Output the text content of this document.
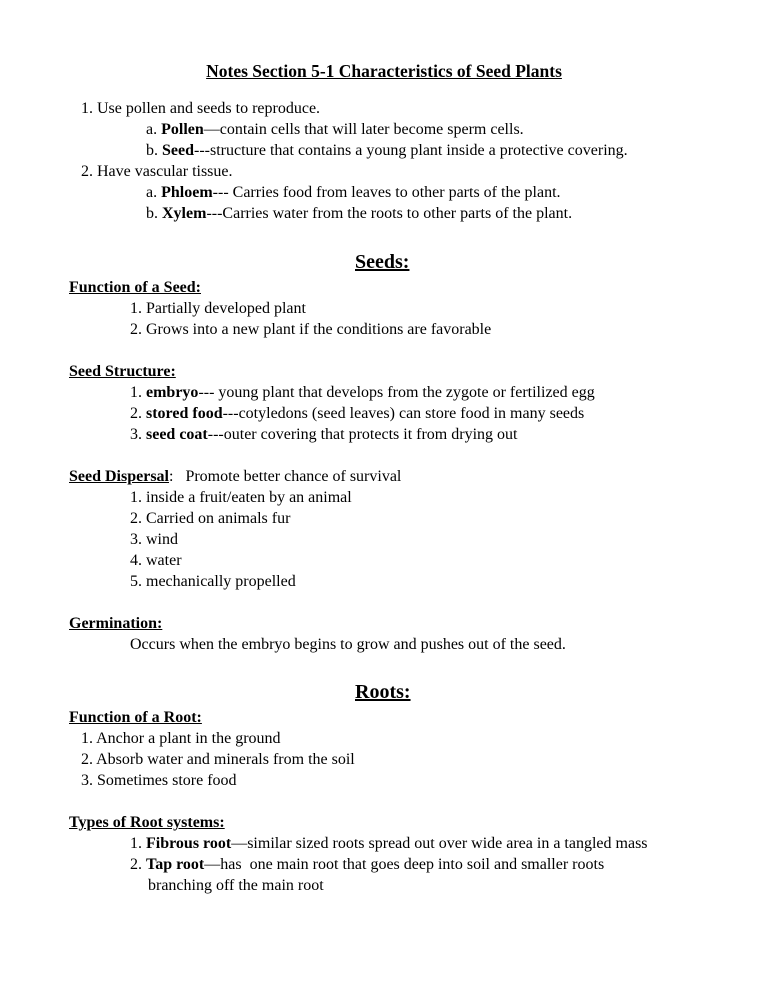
Notes Section 5-1 Characteristics of Seed Plants
1. Use pollen and seeds to reproduce.
a. Pollen—contain cells that will later become sperm cells.
b. Seed---structure that contains a young plant inside a protective covering.
2. Have vascular tissue.
a. Phloem--- Carries food from leaves to other parts of the plant.
b. Xylem---Carries water from the roots to other parts of the plant.
Seeds:
Function of a Seed:
1. Partially developed plant
2. Grows into a new plant if the conditions are favorable
Seed Structure:
1. embryo--- young plant that develops from the zygote or fertilized egg
2. stored food---cotyledons (seed leaves) can store food in many seeds
3. seed coat---outer covering that protects it from drying out
Seed Dispersal:   Promote better chance of survival
1. inside a fruit/eaten by an animal
2. Carried on animals fur
3. wind
4. water
5. mechanically propelled
Germination:
Occurs when the embryo begins to grow and pushes out of the seed.
Roots:
Function of a Root:
1. Anchor a plant in the ground
2. Absorb water and minerals from the soil
3. Sometimes store food
Types of Root systems:
1. Fibrous root—similar sized roots spread out over wide area in a tangled mass
2. Tap root—has  one main root that goes deep into soil and smaller roots
branching off the main root
